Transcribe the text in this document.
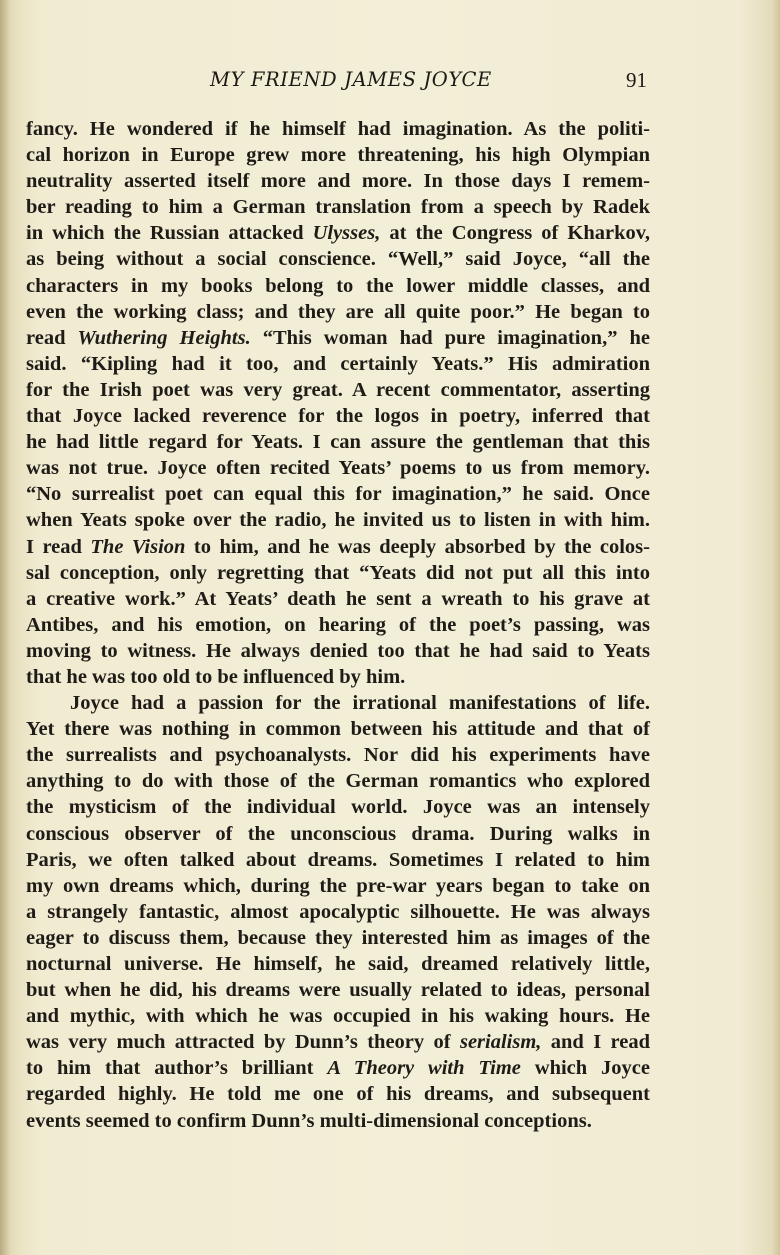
MY FRIEND JAMES JOYCE	91
fancy. He wondered if he himself had imagination. As the politi-
cal horizon in Europe grew more threatening, his high Olympian
neutrality asserted itself more and more. In those days I remem-
ber reading to him a German translation from a speech by Radek
in which the Russian attacked Ulysses, at the Congress of Kharkov,
as being without a social conscience. “Well,” said Joyce, “all the
characters in my books belong to the lower middle classes, and
even the working class; and they are all quite poor.” He began to
read Wuthering Heights. “This woman had pure imagination,” he
said. “Kipling had it too, and certainly Yeats.” His admiration
for the Irish poet was very great. A recent commentator, asserting
that Joyce lacked reverence for the logos in poetry, inferred that
he had little regard for Yeats. I can assure the gentleman that this
was not true. Joyce often recited Yeats’ poems to us from memory.
“No surrealist poet can equal this for imagination,” he said. Once
when Yeats spoke over the radio, he invited us to listen in with him.
I read The Vision to him, and he was deeply absorbed by the colos-
sal conception, only regretting that “Yeats did not put all this into
a creative work.” At Yeats’ death he sent a wreath to his grave at
Antibes, and his emotion, on hearing of the poet’s passing, was
moving to witness. He always denied too that he had said to Yeats
that he was too old to be influenced by him.
Joyce had a passion for the irrational manifestations of life.
Yet there was nothing in common between his attitude and that of
the surrealists and psychoanalysts. Nor did his experiments have
anything to do with those of the German romantics who explored
the mysticism of the individual world. Joyce was an intensely
conscious observer of the unconscious drama. During walks in
Paris, we often talked about dreams. Sometimes I related to him
my own dreams which, during the pre-war years began to take on
a strangely fantastic, almost apocalyptic silhouette. He was always
eager to discuss them, because they interested him as images of the
nocturnal universe. He himself, he said, dreamed relatively little,
but when he did, his dreams were usually related to ideas, personal
and mythic, with which he was occupied in his waking hours. He
was very much attracted by Dunn’s theory of serialism, and I read
to him that author’s brilliant A Theory with Time which Joyce
regarded highly. He told me one of his dreams, and subsequent
events seemed to confirm Dunn’s multi-dimensional conceptions.
